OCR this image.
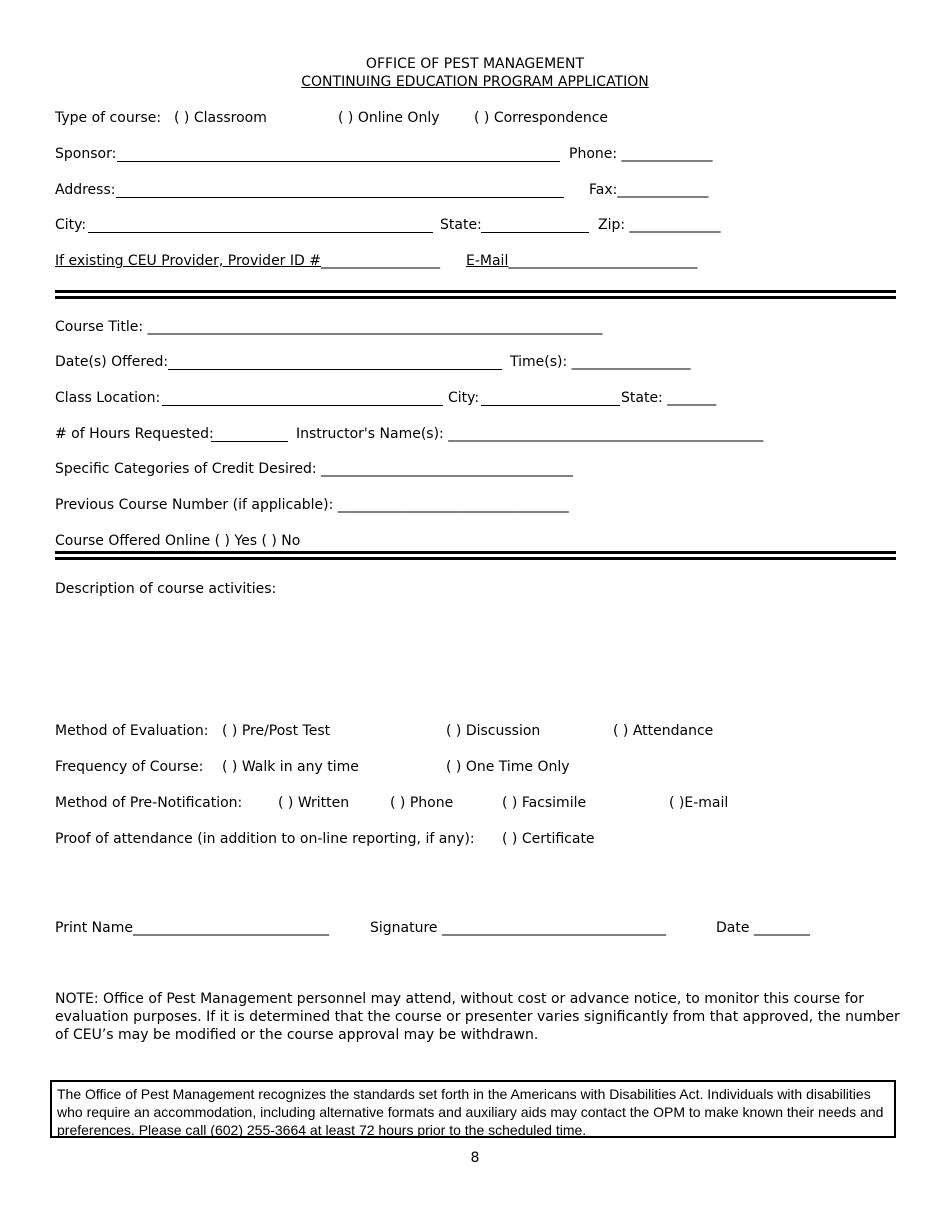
OFFICE OF PEST MANAGEMENT
CONTINUING EDUCATION PROGRAM APPLICATION
Type of course: ( ) Classroom	( ) Online Only ( ) Correspondence
Sponsor:	Phone: _____________
Address:	Fax:_____________
City:	State:	Zip: _____________
If existing CEU Provider, Provider ID #_________________ E-Mail___________________________
Course Title: _________________________________________________________________
Date(s) Offered:	Time(s): _________________
Class Location:	City:	State: _______
# of Hours Requested:	Instructor's Name(s): _____________________________________________
Specific Categories of Credit Desired: ____________________________________
Previous Course Number (if applicable): _________________________________
Course Offered Online ( ) Yes ( ) No
Description of course activities:
Method of Evaluation: ( ) Pre/Post Test	( ) Discussion	( ) Attendance
Frequency of Course: ( ) Walk in any time	( ) One Time Only
Method of Pre-Notification:	( ) Written	( ) Phone	( ) Facsimile	( )E-mail
Proof of attendance (in addition to on-line reporting, if any): ( ) Certificate
Print Name____________________________	Signature ________________________________	Date ________
NOTE: Office of Pest Management personnel may attend, without cost or advance notice, to monitor this course for evaluation purposes. If it is determined that the course or presenter varies significantly from that approved, the number of CEU’s may be modified or the course approval may be withdrawn.
The Office of Pest Management recognizes the standards set forth in the Americans with Disabilities Act. Individuals with disabilities who require an accommodation, including alternative formats and auxiliary aids may contact the OPM to make known their needs and preferences. Please call (602) 255-3664 at least 72 hours prior to the scheduled time.
8
